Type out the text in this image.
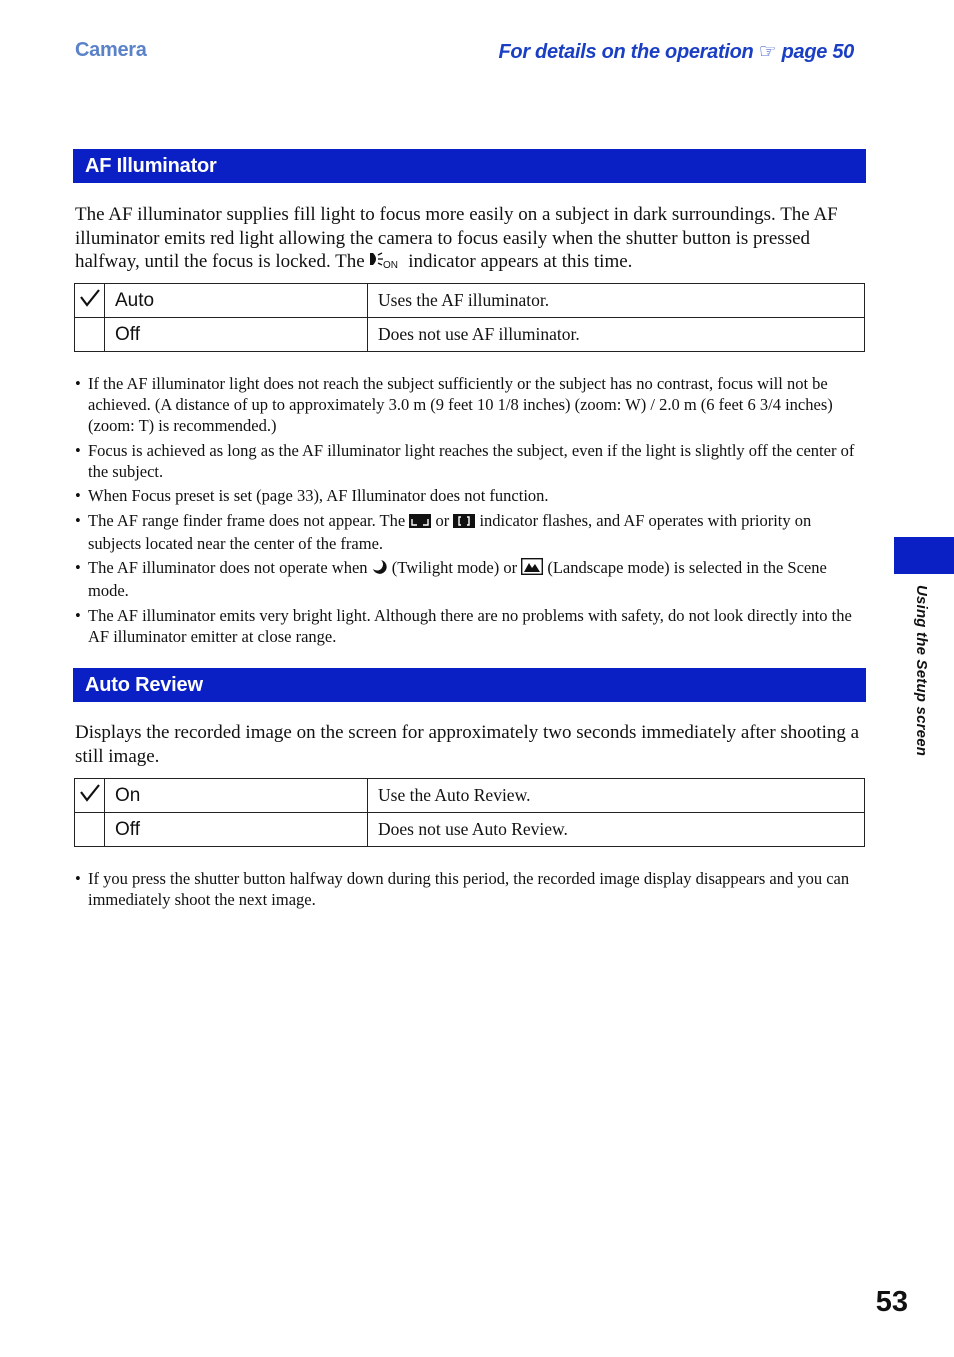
Camera	For details on the operation ☞ page 50
AF Illuminator

The AF illuminator supplies fill light to focus more easily on a subject in dark surroundings. The AF illuminator emits red light allowing the camera to focus easily when the shutter button is pressed halfway, until the focus is locked. The ON indicator appears at this time.

	Auto	Uses the AF illuminator.
	Off	Does not use AF illuminator.
• If the AF illuminator light does not reach the subject sufficiently or the subject has no contrast, focus will not be achieved. (A distance of up to approximately 3.0 m (9 feet 10 1/8 inches) (zoom: W) / 2.0 m (6 feet 6 3/4 inches) (zoom: T) is recommended.)
• Focus is achieved as long as the AF illuminator light reaches the subject, even if the light is slightly off the center of the subject.
• When Focus preset is set (page 33), AF Illuminator does not function.
• The AF range finder frame does not appear. The or indicator flashes, and AF operates with priority on subjects located near the center of the frame.
• The AF illuminator does not operate when (Twilight mode) or (Landscape mode) is selected in the Scene mode.
• The AF illuminator emits very bright light. Although there are no problems with safety, do not look directly into the AF illuminator emitter at close range.
Auto Review

Displays the recorded image on the screen for approximately two seconds immediately after shooting a still image.

	On	Use the Auto Review.
	Off	Does not use Auto Review.
• If you press the shutter button halfway down during this period, the recorded image display disappears and you can immediately shoot the next image.
Using the Setup screen
53
